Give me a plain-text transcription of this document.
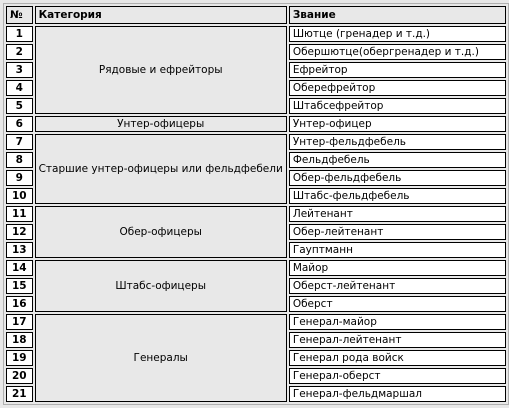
№	Категория	Звание
1	Рядовые и ефрейторы	Шютце (гренадер и т.д.)
2		Обершютце(обергренадер и т.д.)
3		Ефрейтор
4		Оберефрейтор
5		Штабсефрейтор
6	Унтер-офицеры	Унтер-офицер
7	Старшие унтер-офицеры или фельдфебели	Унтер-фельдфебель
8		Фельдфебель
9		Обер-фельдфебель
10		Штабс-фельдфебель
11	Обер-офицеры	Лейтенант
12		Обер-лейтенант
13		Гауптманн
14	Штабс-офицеры	Майор
15		Оберст-лейтенант
16		Оберст
17	Генералы	Генерал-майор
18		Генерал-лейтенант
19		Генерал рода войск
20		Генерал-оберст
21		Генерал-фельдмаршал
